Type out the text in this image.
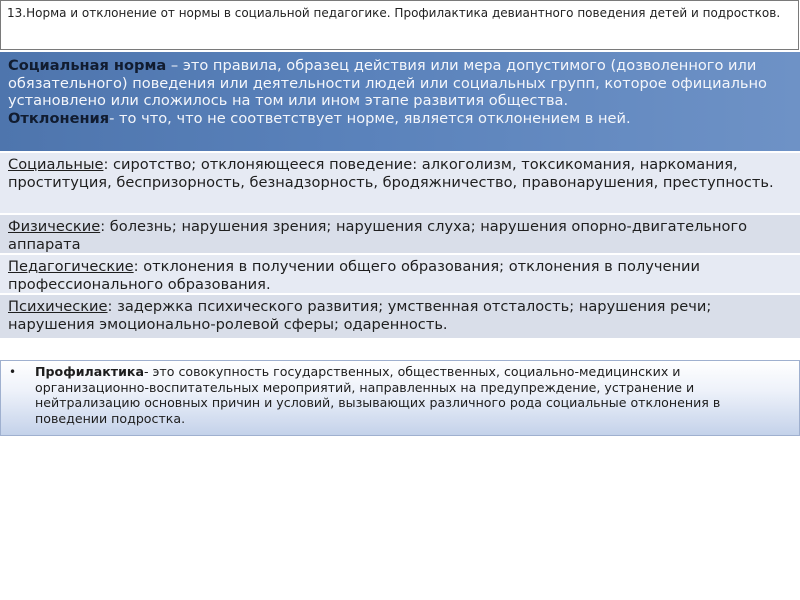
13.Норма и отклонение от нормы в социальной педагогике. Профилактика девиантного поведения детей и подростков.
Социальная норма – это правила, образец действия или мера допустимого (дозволенного или обязательного) поведения или деятельности людей или социальных групп, которое официально установлено или сложилось на том или ином этапе развития общества.
Отклонения- то что, что не соответствует норме, является отклонением в ней.
Социальные: сиротство; отклоняющееся поведение: алкоголизм, токсикомания, наркомания, проституция, беспризорность, безнадзорность, бродяжничество, правонарушения, преступность.
Физические: болезнь; нарушения зрения; нарушения слуха; нарушения опорно-двигательного аппарата
Педагогические: отклонения в получении общего образования; отклонения в получении профессионального образования.
Психические: задержка психического развития; умственная отсталость; нарушения речи; нарушения эмоционально-ролевой сферы; одаренность.
• Профилактика- это совокупность государственных, общественных, социально-медицинских и организационно-воспитательных мероприятий, направленных на предупреждение, устранение и нейтрализацию основных причин и условий, вызывающих различного рода социальные отклонения в поведении подростка.
